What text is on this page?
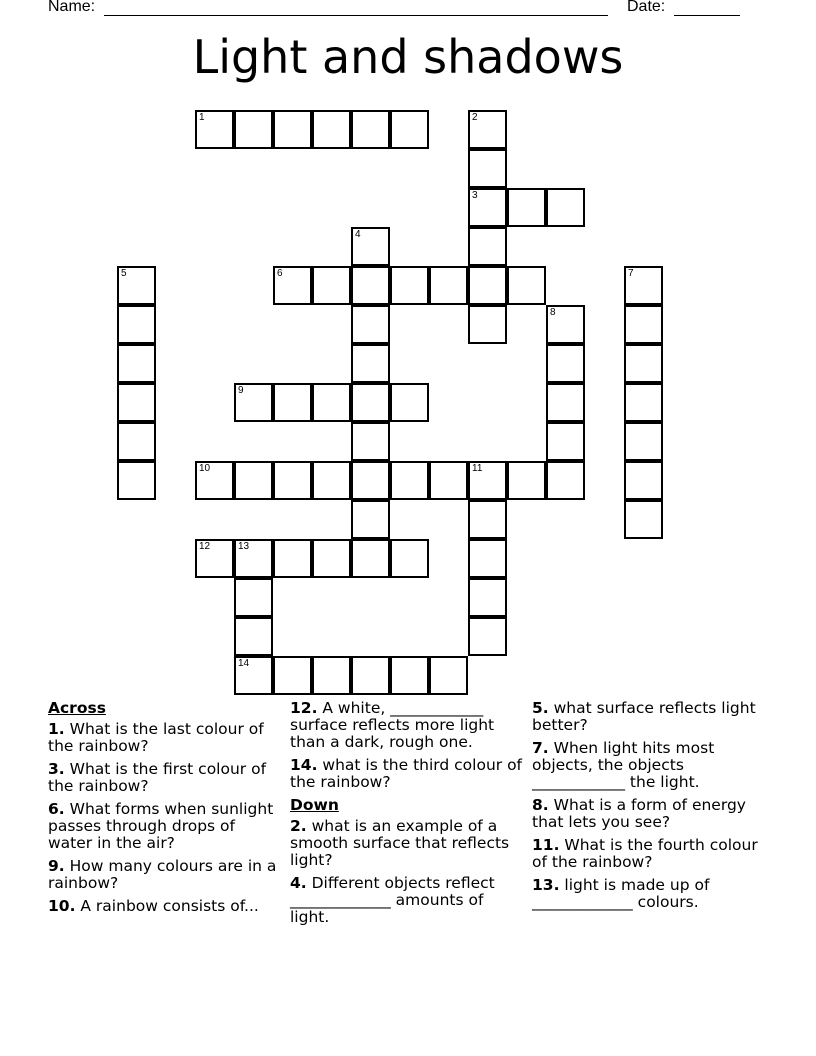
Name:	Date:
Light and shadows
1	2
3
4
5	6	7
8
9
10	11
12	13
14
Across
1. What is the last colour of the rainbow?
3. What is the first colour of the rainbow?
6. What forms when sunlight passes through drops of water in the air?
9. How many colours are in a rainbow?
10. A rainbow consists of...
12. A white, ____________ surface reflects more light than a dark, rough one.
14. what is the third colour of the rainbow?
Down
2. what is an example of a smooth surface that reflects light?
4. Different objects reflect _____________ amounts of light.
5. what surface reflects light better?
7. When light hits most objects, the objects ____________ the light.
8. What is a form of energy that lets you see?
11. What is the fourth colour of the rainbow?
13. light is made up of _____________ colours.
